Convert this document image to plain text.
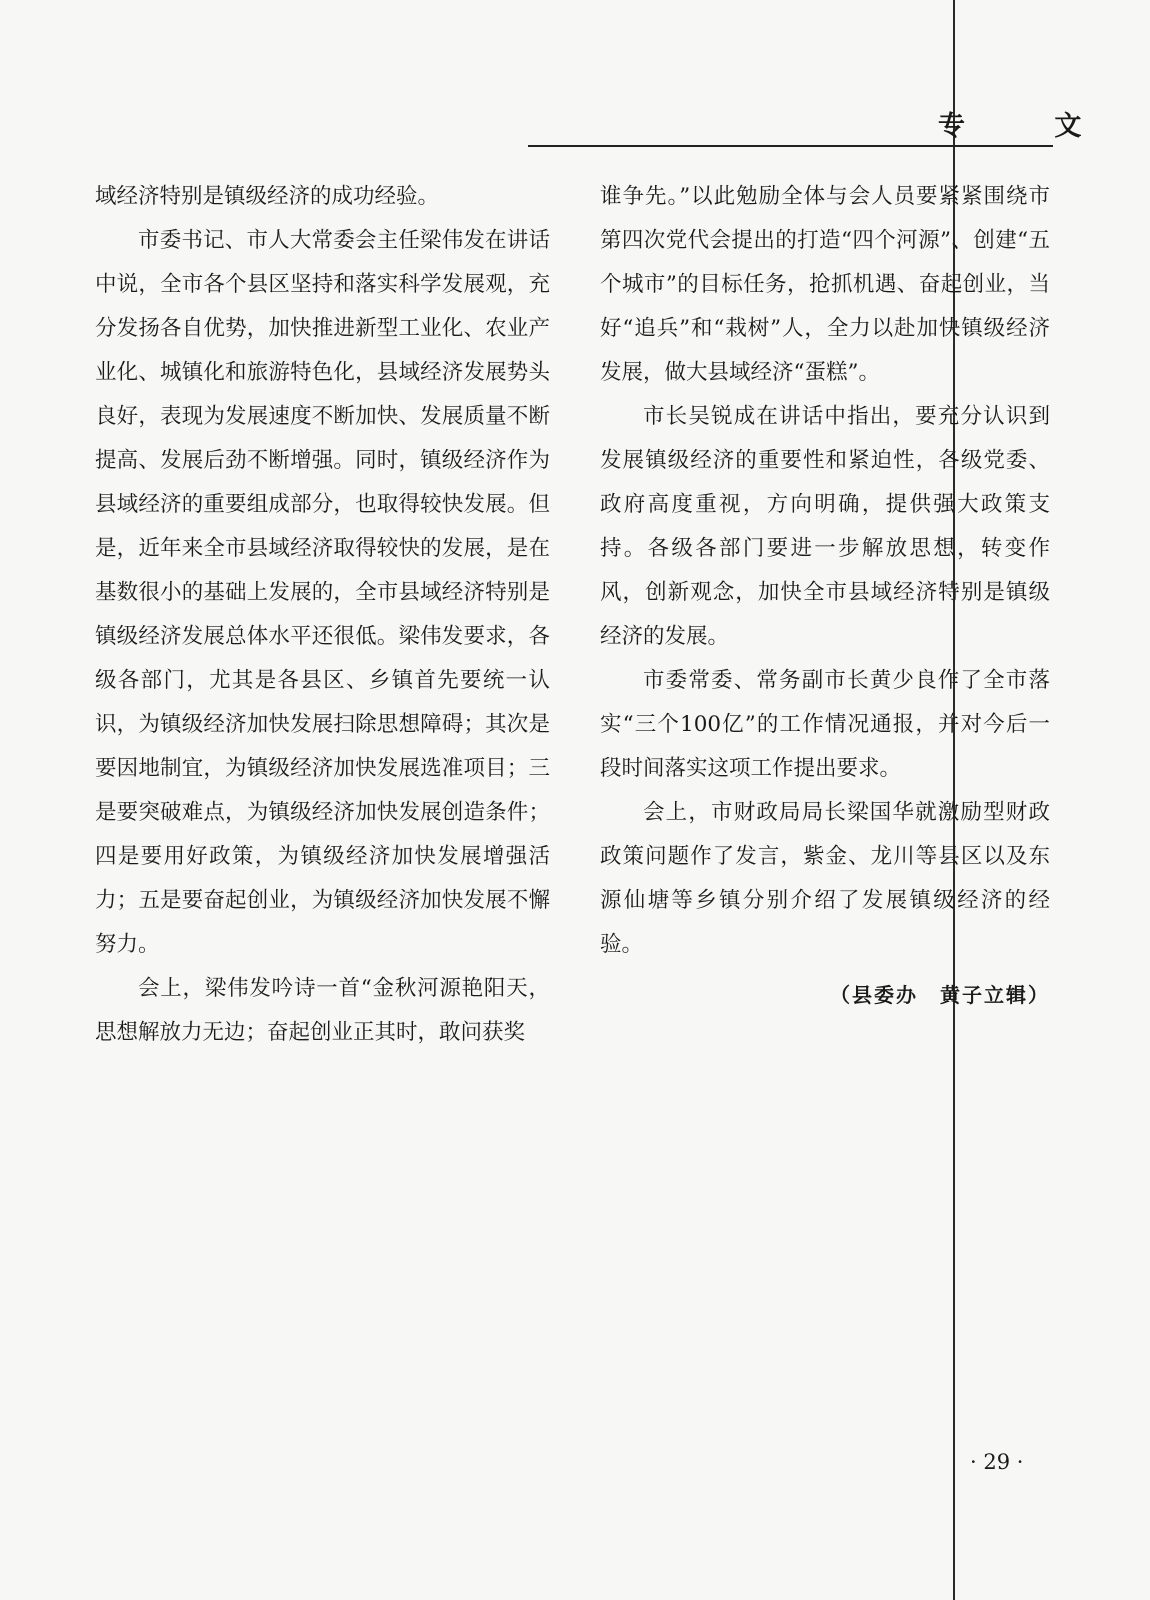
专 文

域经济特别是镇级经济的成功经验。

市委书记、市人大常委会主任梁伟发在讲话中说，全市各个县区坚持和落实科学发展观，充分发扬各自优势，加快推进新型工业化、农业产业化、城镇化和旅游特色化，县域经济发展势头良好，表现为发展速度不断加快、发展质量不断提高、发展后劲不断增强。同时，镇级经济作为县域经济的重要组成部分，也取得较快发展。但是，近年来全市县域经济取得较快的发展，是在基数很小的基础上发展的，全市县域经济特别是镇级经济发展总体水平还很低。梁伟发要求，各级各部门，尤其是各县区、乡镇首先要统一认识，为镇级经济加快发展扫除思想障碍；其次是要因地制宜，为镇级经济加快发展选准项目；三是要突破难点，为镇级经济加快发展创造条件；四是要用好政策，为镇级经济加快发展增强活力；五是要奋起创业，为镇级经济加快发展不懈努力。

会上，梁伟发吟诗一首“金秋河源艳阳天，思想解放力无边；奋起创业正其时，敢问获奖

谁争先。”以此勉励全体与会人员要紧紧围绕市第四次党代会提出的打造“四个河源”、创建“五个城市”的目标任务，抢抓机遇、奋起创业，当好“追兵”和“栽树”人，全力以赴加快镇级经济发展，做大县域经济“蛋糕”。

市长吴锐成在讲话中指出，要充分认识到发展镇级经济的重要性和紧迫性，各级党委、政府高度重视，方向明确，提供强大政策支持。各级各部门要进一步解放思想，转变作风，创新观念，加快全市县域经济特别是镇级经济的发展。

市委常委、常务副市长黄少良作了全市落实“三个100亿”的工作情况通报，并对今后一段时间落实这项工作提出要求。

会上，市财政局局长梁国华就激励型财政政策问题作了发言，紫金、龙川等县区以及东源仙塘等乡镇分别介绍了发展镇级经济的经验。

（县委办　黄子立辑）

· 29 ·
